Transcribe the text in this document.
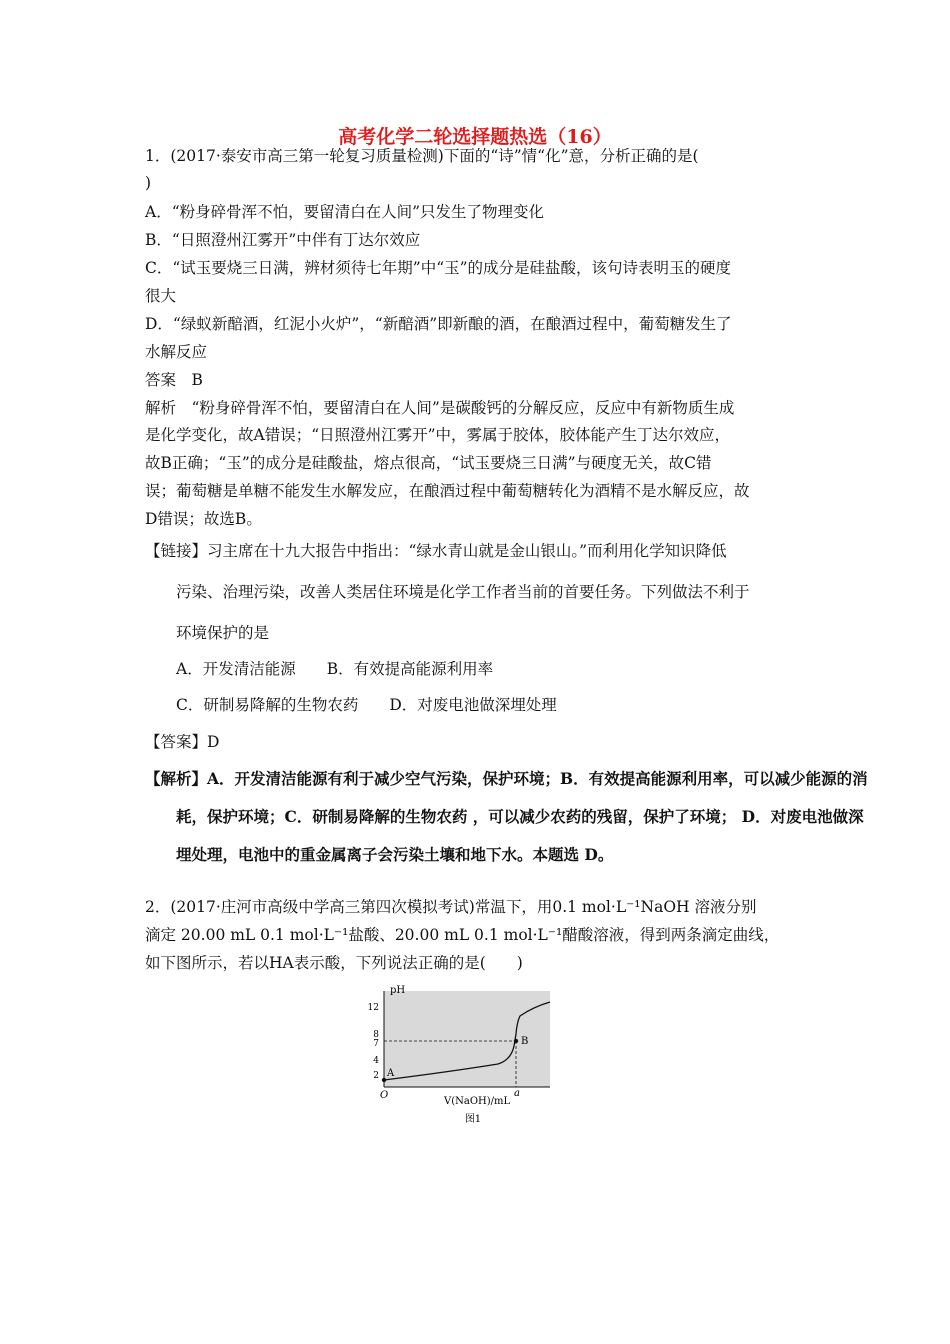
高考化学二轮选择题热选（16）
1．(2017·泰安市高三第一轮复习质量检测)下面的“诗”情“化”意，分析正确的是(
)
A．“粉身碎骨浑不怕，要留清白在人间”只发生了物理变化
B．“日照澄州江雾开”中伴有丁达尔效应
C．“试玉要烧三日满，辨材须待七年期”中“玉”的成分是硅盐酸，该句诗表明玉的硬度
很大
D．“绿蚁新醅酒，红泥小火炉”，“新醅酒”即新酿的酒，在酿酒过程中，葡萄糖发生了
水解反应
答案　B
解析　“粉身碎骨浑不怕，要留清白在人间”是碳酸钙的分解反应，反应中有新物质生成
是化学变化，故A错误；“日照澄州江雾开”中，雾属于胶体，胶体能产生丁达尔效应，
故B正确；“玉”的成分是硅酸盐，熔点很高，“试玉要烧三日满”与硬度无关，故C错
误；葡萄糖是单糖不能发生水解发应，在酿酒过程中葡萄糖转化为酒精不是水解反应，故
D错误；故选B。
【链接】习主席在十九大报告中指出：“绿水青山就是金山银山。”而利用化学知识降低
污染、治理污染，改善人类居住环境是化学工作者当前的首要任务。下列做法不利于
环境保护的是
A．开发清洁能源　　B．有效提高能源利用率
C．研制易降解的生物农药　　D．对废电池做深埋处理
【答案】D
【解析】A．开发清洁能源有利于减少空气污染，保护环境；B．有效提高能源利用率，可以减少能源的消
耗，保护环境；C．研制易降解的生物农药 ，可以减少农药的残留，保护了环境； D．对废电池做深
埋处理，电池中的重金属离子会污染土壤和地下水。本题选 D。
2．(2017·庄河市高级中学高三第四次模拟考试)常温下，用0.1 mol·L⁻¹NaOH 溶液分别
滴定 20.00 mL 0.1 mol·L⁻¹盐酸、20.00 mL 0.1 mol·L⁻¹醋酸溶液，得到两条滴定曲线，
如下图所示，若以HA表示酸，下列说法正确的是(　　)
pH
12
8
7
4
2 A
B
O
V(NaOH)/mL
a
图1
